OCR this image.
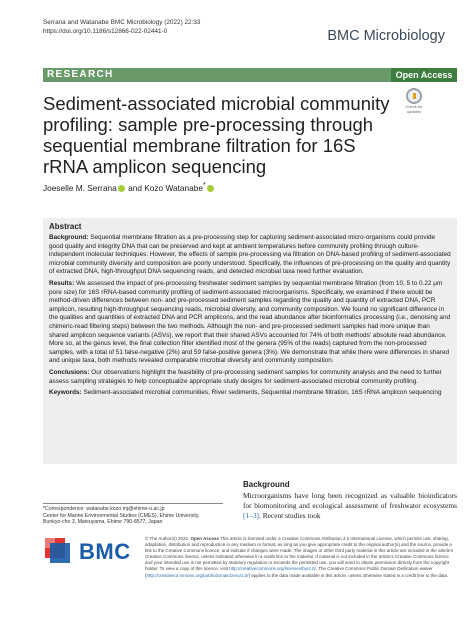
Serrana and Watanabe BMC Microbiology (2022) 22:33
https://doi.org/10.1186/s12866-022-02441-0	BMC Microbiology
RESEARCH	Open Access
Check for updates
Sediment-associated microbial community profiling: sample pre-processing through sequential membrane filtration for 16S rRNA amplicon sequencing
Joeselle M. Serrana and Kozo Watanabe*
Abstract

Background: Sequential membrane filtration as a pre-processing step for capturing sediment-associated micro-organisms could provide good quality and integrity DNA that can be preserved and kept at ambient temperatures before community profiling through culture-independent molecular techniques. However, the effects of sample pre-processing via filtration on DNA-based profiling of sediment-associated microbial community diversity and composition are poorly understood. Specifically, the influences of pre-processing on the quality and quantity of extracted DNA, high-throughput DNA sequencing reads, and detected microbial taxa need further evaluation.

Results: We assessed the impact of pre-processing freshwater sediment samples by sequential membrane filtration (from 10, 5 to 0.22 μm pore size) for 16S rRNA-based community profiling of sediment-associated microorganisms. Specifically, we examined if there would be method-driven differences between non- and pre-processed sediment samples regarding the quality and quantity of extracted DNA, PCR amplicon, resulting high-throughput sequencing reads, microbial diversity, and community composition. We found no significant difference in the qualities and quantities of extracted DNA and PCR amplicons, and the read abundance after bioinformatics processing (i.e., denoising and chimeric-read filtering steps) between the two methods. Although the non- and pre-processed sediment samples had more unique than shared amplicon sequence variants (ASVs), we report that their shared ASVs accounted for 74% of both methods' absolute read abundance. More so, at the genus level, the final collection filter identified most of the genera (95% of the reads) captured from the non-processed samples, with a total of 51 false-negative (2%) and 59 false-positive genera (3%). We demonstrate that while there were differences in shared and unique taxa, both methods revealed comparable microbial diversity and community composition.

Conclusions: Our observations highlight the feasibility of pre-processing sediment samples for community analysis and the need to further assess sampling strategies to help conceptualize appropriate study designs for sediment-associated microbial community profiling.

Keywords: Sediment-associated microbial communities, River sediments, Sequential membrane filtration, 16S rRNA amplicon sequencing

*Correspondence: watanabe.kozo.mj@ehime-u.ac.jp
Center for Marine Environmental Studies (CMES), Ehime University,
Bunkyo-cho 3, Matsuyama, Ehime 790-8577, Japan
Background

Microorganisms have long been recognized as valuable bioindicators for biomonitoring and ecological assessment of freshwater ecosystems [1–3]. Recent studies took

BMC

© The Author(s) 2022. Open Access This article is licensed under a Creative Commons Attribution 4.0 International License, which permits use, sharing, adaptation, distribution and reproduction in any medium or format, as long as you give appropriate credit to the original author(s) and the source, provide a link to the Creative Commons licence, and indicate if changes were made. The images or other third party material in this article are included in the article's Creative Commons licence, unless indicated otherwise in a credit line to the material. If material is not included in the article's Creative Commons licence and your intended use is not permitted by statutory regulation or exceeds the permitted use, you will need to obtain permission directly from the copyright holder. To view a copy of this licence, visit http://creativecommons.org/licenses/by/4.0/. The Creative Commons Public Domain Dedication waiver (http://creativeco mmons.org/publicdomain/zero/1.0/) applies to the data made available in this article, unless otherwise stated in a credit line to the data.
